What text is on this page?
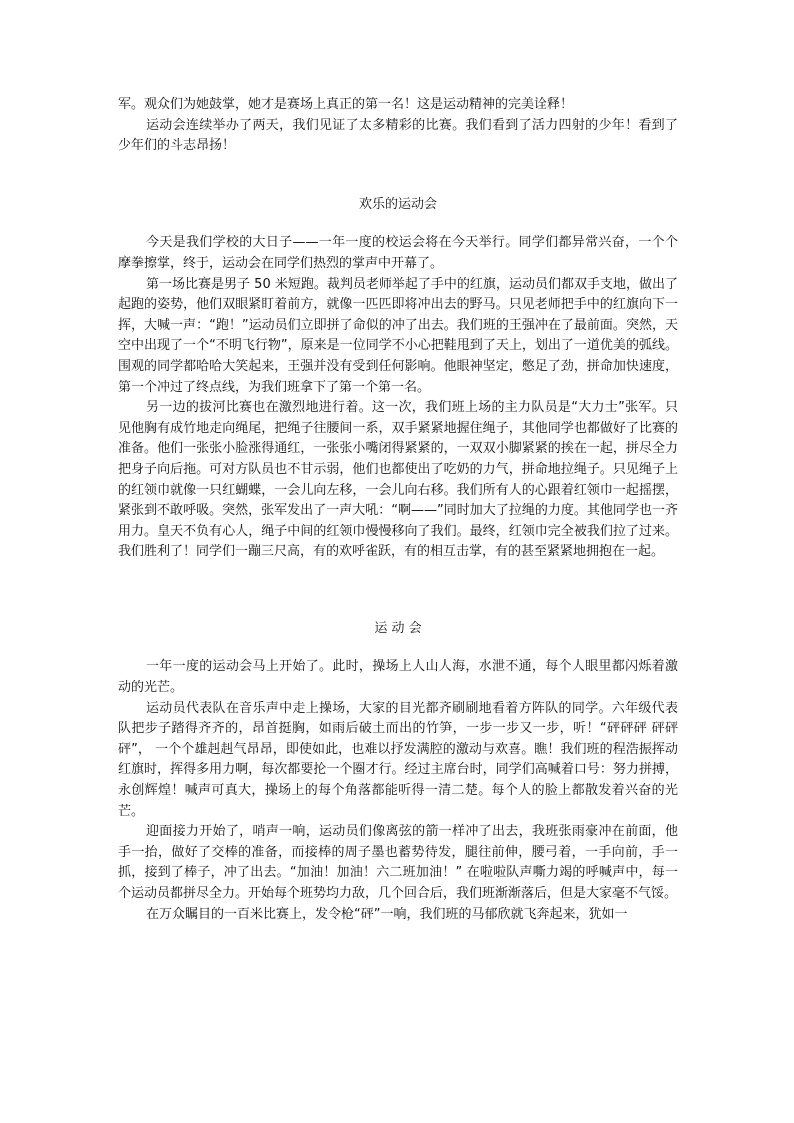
军。观众们为她鼓掌，她才是赛场上真正的第一名！这是运动精神的完美诠释！

运动会连续举办了两天，我们见证了太多精彩的比赛。我们看到了活力四射的少年！看到了少年们的斗志昂扬！

欢乐的运动会

今天是我们学校的大日子——一年一度的校运会将在今天举行。同学们都异常兴奋，一个个摩拳擦掌，终于，运动会在同学们热烈的掌声中开幕了。

第一场比赛是男子 50 米短跑。裁判员老师举起了手中的红旗，运动员们都双手支地，做出了起跑的姿势，他们双眼紧盯着前方，就像一匹匹即将冲出去的野马。只见老师把手中的红旗向下一挥，大喊一声：“跑！”运动员们立即拼了命似的冲了出去。我们班的王强冲在了最前面。突然，天空中出现了一个“不明飞行物”，原来是一位同学不小心把鞋甩到了天上，划出了一道优美的弧线。围观的同学都哈哈大笑起来，王强并没有受到任何影响。他眼神坚定，憋足了劲，拼命加快速度，第一个冲过了终点线，为我们班拿下了第一个第一名。

另一边的拔河比赛也在激烈地进行着。这一次，我们班上场的主力队员是“大力士”张军。只见他胸有成竹地走向绳尾，把绳子往腰间一系，双手紧紧地握住绳子，其他同学也都做好了比赛的准备。他们一张张小脸涨得通红，一张张小嘴闭得紧紧的，一双双小脚紧紧的挨在一起，拼尽全力把身子向后拖。可对方队员也不甘示弱，他们也都使出了吃奶的力气，拼命地拉绳子。只见绳子上的红领巾就像一只红蝴蝶，一会儿向左移，一会儿向右移。我们所有人的心跟着红领巾一起摇摆，紧张到不敢呼吸。突然，张军发出了一声大吼：“啊——”同时加大了拉绳的力度。其他同学也一齐用力。皇天不负有心人，绳子中间的红领巾慢慢移向了我们。最终，红领巾完全被我们拉了过来。我们胜利了！同学们一蹦三尺高，有的欢呼雀跃，有的相互击掌，有的甚至紧紧地拥抱在一起。

运 动 会

一年一度的运动会马上开始了。此时，操场上人山人海，水泄不通，每个人眼里都闪烁着激动的光芒。

运动员代表队在音乐声中走上操场，大家的目光都齐刷刷地看着方阵队的同学。六年级代表队把步子踏得齐齐的，昂首挺胸，如雨后破土而出的竹笋，一步一步又一步，听！“砰砰砰 砰砰砰”， 一个个雄赳赳气昂昂，即使如此，也难以抒发满腔的激动与欢喜。瞧！我们班的程浩振挥动红旗时，挥得多用力啊，每次都要抡一个圈才行。经过主席台时，同学们高喊着口号：努力拼搏，永创辉煌！喊声可真大，操场上的每个角落都能听得一清二楚。每个人的脸上都散发着兴奋的光芒。

迎面接力开始了，哨声一响，运动员们像离弦的箭一样冲了出去，我班张雨豪冲在前面，他手一抬，做好了交棒的准备，而接棒的周子墨也蓄势待发，腿往前伸，腰弓着，一手向前，手一抓，接到了棒子，冲了出去。“加油！加油！六二班加油！” 在啦啦队声嘶力竭的呼喊声中，每一个运动员都拼尽全力。开始每个班势均力敌，几个回合后，我们班渐渐落后，但是大家毫不气馁。

在万众瞩目的一百米比赛上，发令枪“砰”一响，我们班的马郁欣就飞奔起来，犹如一
